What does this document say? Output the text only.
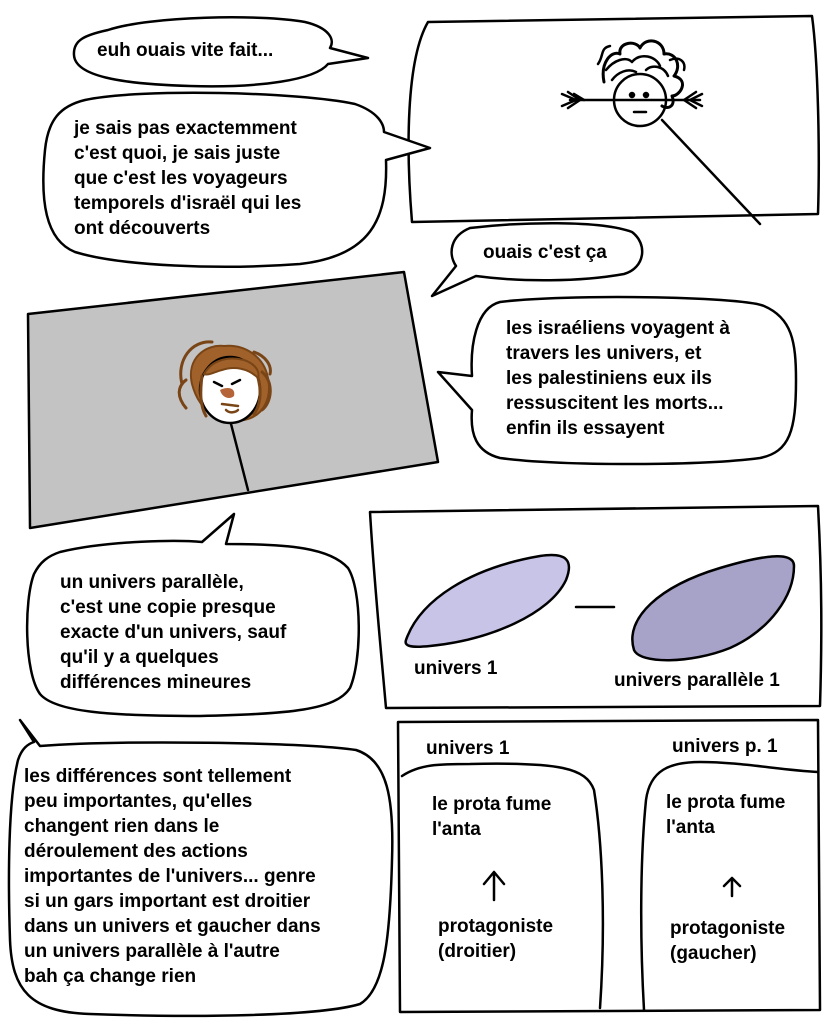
euh ouais vite fait...
je sais pas exactemment
c'est quoi, je sais juste
que c'est les voyageurs
temporels d'israël qui les
ont découverts
ouais c'est ça
les israéliens voyagent à
travers les univers, et
les palestiniens eux ils
ressuscitent les morts...
enfin ils essayent
un univers parallèle,
c'est une copie presque
exacte d'un univers, sauf
qu'il y a quelques
différences mineures
les différences sont tellement
peu importantes, qu'elles
changent rien dans le
déroulement des actions
importantes de l'univers... genre
si un gars important est droitier
dans un univers et gaucher dans
un univers parallèle à l'autre
bah ça change rien
univers 1
univers parallèle 1
univers 1	univers p. 1
le prota fume
l'anta
le prota fume
l'anta
protagoniste
(droitier)
protagoniste
(gaucher)
